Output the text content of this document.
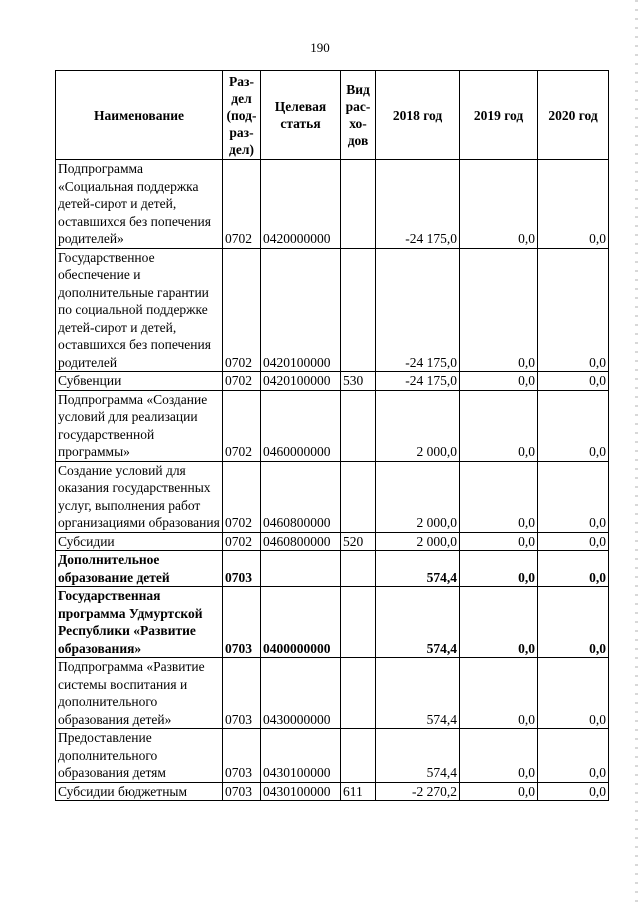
190
Наименование	Раз-дел (под-раз-дел)	Целевая статья	Вид рас-хо-дов	2018 год	2019 год	2020 год
Подпрограмма «Социальная поддержка детей-сирот и детей, оставшихся без попечения родителей»	0702	0420000000		-24 175,0	0,0	0,0
Государственное обеспечение и дополнительные гарантии по социальной поддержке детей-сирот и детей, оставшихся без попечения родителей	0702	0420100000		-24 175,0	0,0	0,0
Субвенции	0702	0420100000	530	-24 175,0	0,0	0,0
Подпрограмма «Создание условий для реализации государственной программы»	0702	0460000000		2 000,0	0,0	0,0
Создание условий для оказания государственных услуг, выполнения работ организациями образования	0702	0460800000		2 000,0	0,0	0,0
Субсидии	0702	0460800000	520	2 000,0	0,0	0,0
Дополнительное образование детей	0703			574,4	0,0	0,0
Государственная программа Удмуртской Республики «Развитие образования»	0703	0400000000		574,4	0,0	0,0
Подпрограмма «Развитие системы воспитания и дополнительного образования детей»	0703	0430000000		574,4	0,0	0,0
Предоставление дополнительного образования детям	0703	0430100000		574,4	0,0	0,0
Субсидии бюджетным	0703	0430100000	611	-2 270,2	0,0	0,0
